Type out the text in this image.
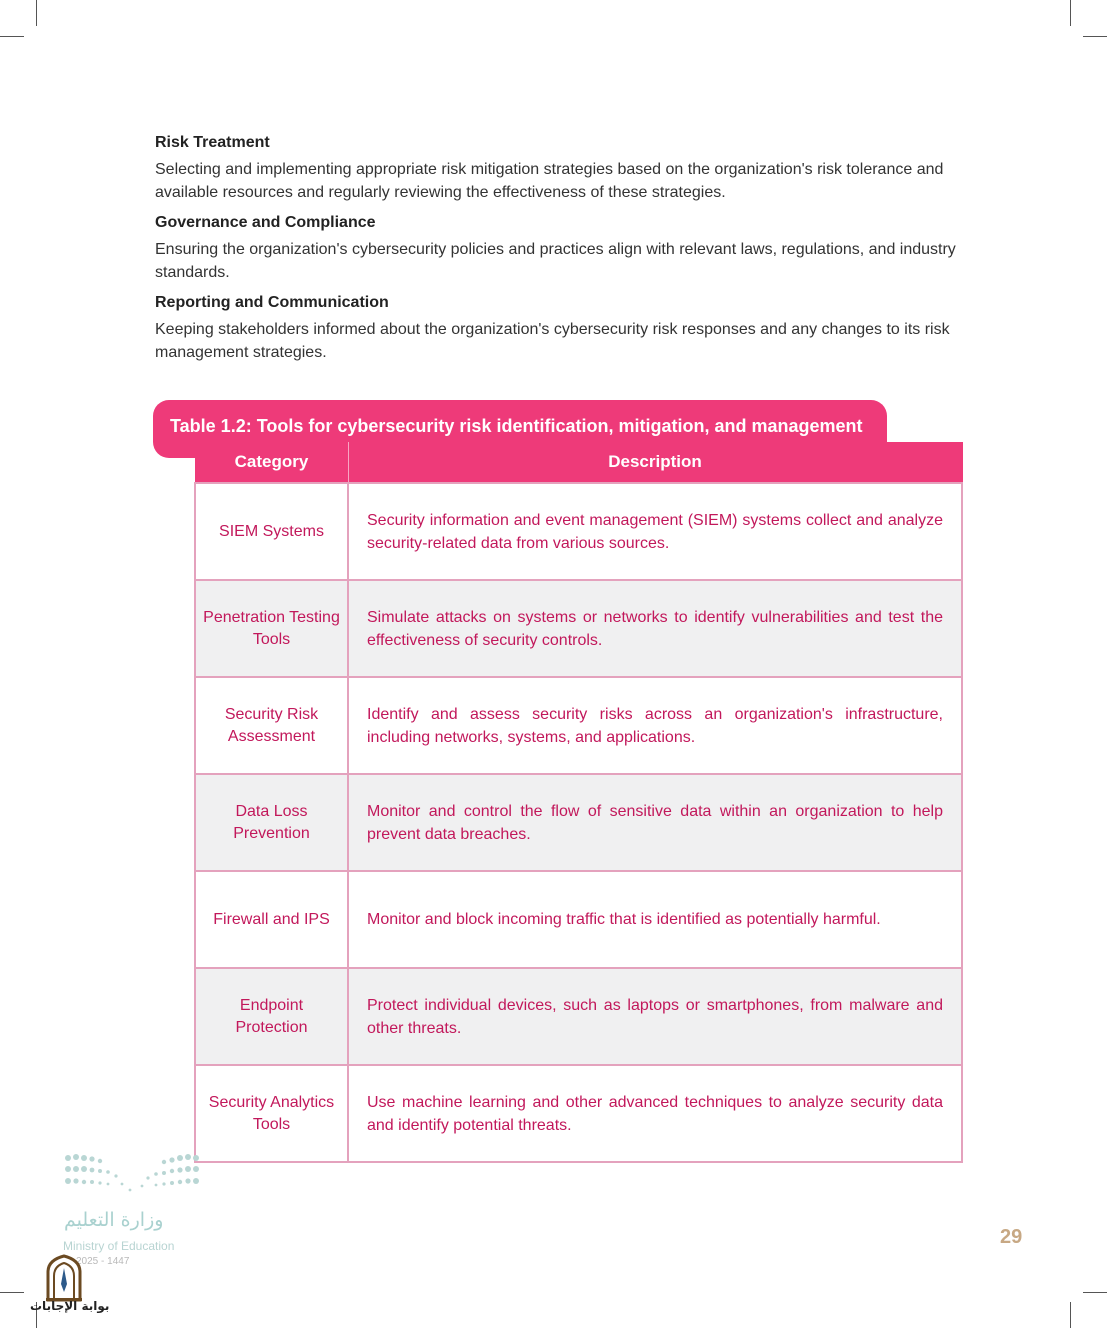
Risk Treatment

Selecting and implementing appropriate risk mitigation strategies based on the organization's risk tolerance and available resources and regularly reviewing the effectiveness of these strategies.

Governance and Compliance

Ensuring the organization's cybersecurity policies and practices align with relevant laws, regulations, and industry standards.

Reporting and Communication

Keeping stakeholders informed about the organization's cybersecurity risk responses and any changes to its risk management strategies.

Table 1.2: Tools for cybersecurity risk identification, mitigation, and management
Category	Description
SIEM Systems	Security information and event management (SIEM) systems collect and analyze security-related data from various sources.
Penetration Testing Tools	Simulate attacks on systems or networks to identify vulnerabilities and test the effectiveness of security controls.
Security Risk Assessment	Identify and assess security risks across an organization's infrastructure, including networks, systems, and applications.
Data Loss Prevention	Monitor and control the flow of sensitive data within an organization to help prevent data breaches.
Firewall and IPS	Monitor and block incoming traffic that is identified as potentially harmful.
Endpoint Protection	Protect individual devices, such as laptops or smartphones, from malware and other threats.
Security Analytics Tools	Use machine learning and other advanced techniques to analyze security data and identify potential threats.
وزارة التعليم
Ministry of Education
2025 - 1447
بوابة الإجابات
29
